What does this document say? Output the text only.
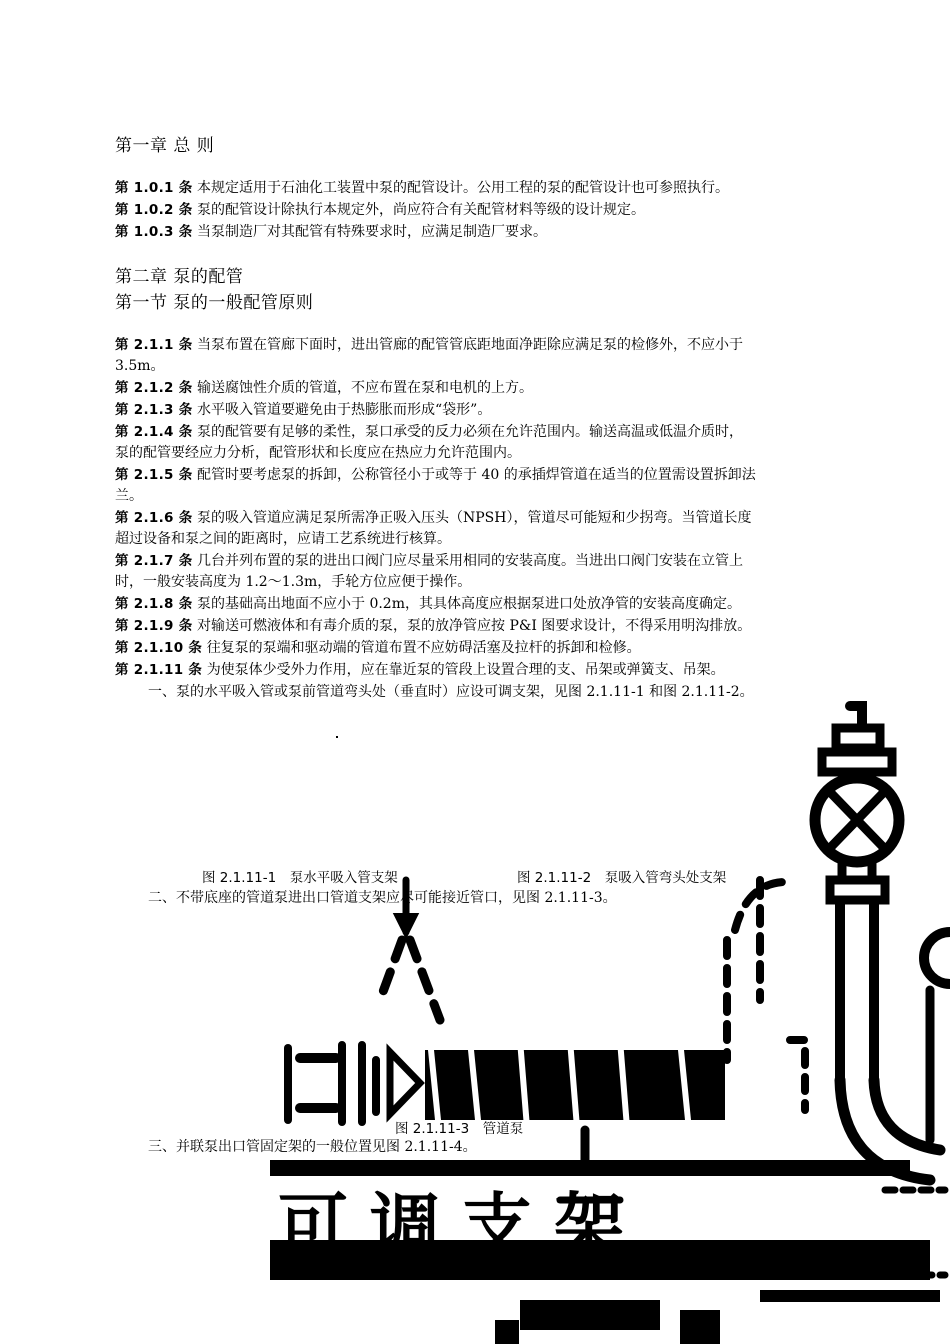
第一章 总 则
第 1.0.1 条 本规定适用于石油化工装置中泵的配管设计。公用工程的泵的配管设计也可参照执行。
第 1.0.2 条 泵的配管设计除执行本规定外，尚应符合有关配管材料等级的设计规定。
第 1.0.3 条 当泵制造厂对其配管有特殊要求时，应满足制造厂要求。
第二章 泵的配管
第一节 泵的一般配管原则
第 2.1.1 条 当泵布置在管廊下面时，进出管廊的配管管底距地面净距除应满足泵的检修外，不应小于
3.5m。
第 2.1.2 条 输送腐蚀性介质的管道，不应布置在泵和电机的上方。
第 2.1.3 条 水平吸入管道要避免由于热膨胀而形成“袋形”。
第 2.1.4 条 泵的配管要有足够的柔性，泵口承受的反力必须在允许范围内。输送高温或低温介质时，
泵的配管要经应力分析，配管形状和长度应在热应力允许范围内。
第 2.1.5 条 配管时要考虑泵的拆卸，公称管径小于或等于 40 的承插焊管道在适当的位置需设置拆卸法
兰。
第 2.1.6 条 泵的吸入管道应满足泵所需净正吸入压头（NPSH），管道尽可能短和少拐弯。当管道长度
超过设备和泵之间的距离时，应请工艺系统进行核算。
第 2.1.7 条 几台并列布置的泵的进出口阀门应尽量采用相同的安装高度。当进出口阀门安装在立管上
时，一般安装高度为 1.2～1.3m，手轮方位应便于操作。
第 2.1.8 条 泵的基础高出地面不应小于 0.2m，其具体高度应根据泵进口处放净管的安装高度确定。
第 2.1.9 条 对输送可燃液体和有毒介质的泵，泵的放净管应按 P&I 图要求设计，不得采用明沟排放。
第 2.1.10 条 往复泵的泵端和驱动端的管道布置不应妨碍活塞及拉杆的拆卸和检修。
第 2.1.11 条 为使泵体少受外力作用，应在靠近泵的管段上设置合理的支、吊架或弹簧支、吊架。
一、泵的水平吸入管或泵前管道弯头处（垂直时）应设可调支架，见图 2.1.11-1 和图 2.1.11-2。
可调支架
图 2.1.11-1　泵水平吸入管支架	图 2.1.11-2　泵吸入管弯头处支架
二、不带底座的管道泵进出口管道支架应尽可能接近管口，见图 2.1.11-3。
图 2.1.11-3　管道泵
三、并联泵出口管固定架的一般位置见图 2.1.11-4。
